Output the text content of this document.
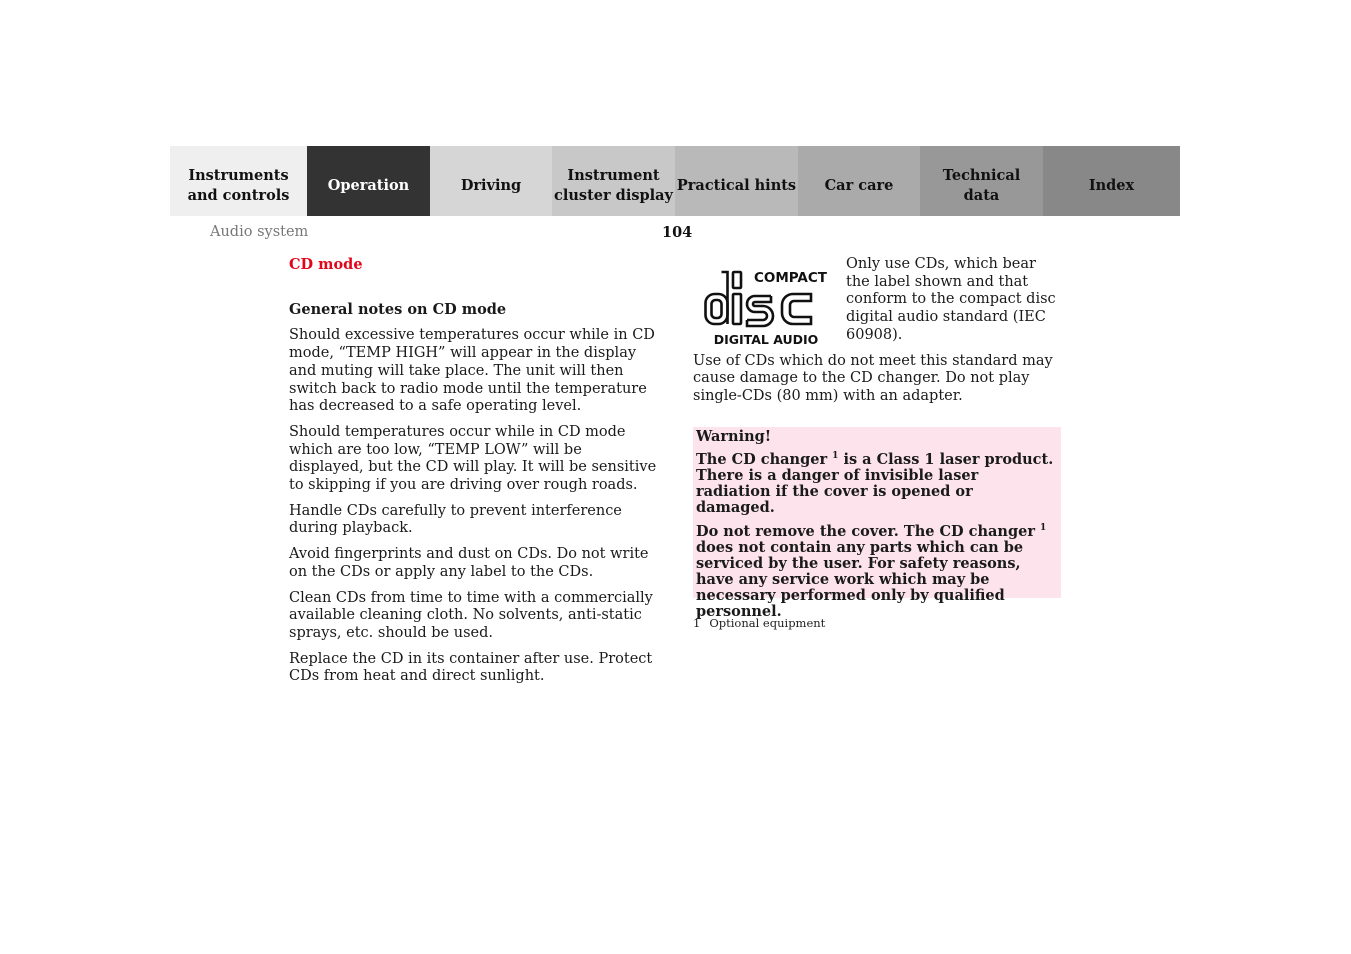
Instruments
and controls
Operation	Driving
Instrument
cluster display
Practical hints Car care
Technical
data
Index
Audio system	104

CD mode

General notes on CD mode

Should excessive temperatures occur while in CD mode, “TEMP HIGH” will appear in the display and muting will take place. The unit will then switch back to radio mode until the temperature has decreased to a safe operating level.

Should temperatures occur while in CD mode which are too low, “TEMP LOW” will be displayed, but the CD will play. It will be sensitive to skipping if you are driving over rough roads.

Handle CDs carefully to prevent interference during playback.

Avoid fingerprints and dust on CDs. Do not write on the CDs or apply any label to the CDs.

Clean CDs from time to time with a commercially available cleaning cloth. No solvents, anti-static sprays, etc. should be used.

Replace the CD in its container after use. Protect CDs from heat and direct sunlight.

COMPACT
DIGITAL AUDIO

Only use CDs, which bear the label shown and that conform to the compact disc digital audio standard (IEC 60908).

Use of CDs which do not meet this standard may cause damage to the CD changer. Do not play single-CDs (80 mm) with an adapter.

Warning!

The CD changer $^1$ is a Class 1 laser product. There is a danger of invisible laser radiation if the cover is opened or damaged.

Do not remove the cover. The CD changer $^1$ does not contain any parts which can be serviced by the user. For safety reasons, have any service work which may be necessary performed only by qualified personnel.

1 Optional equipment
